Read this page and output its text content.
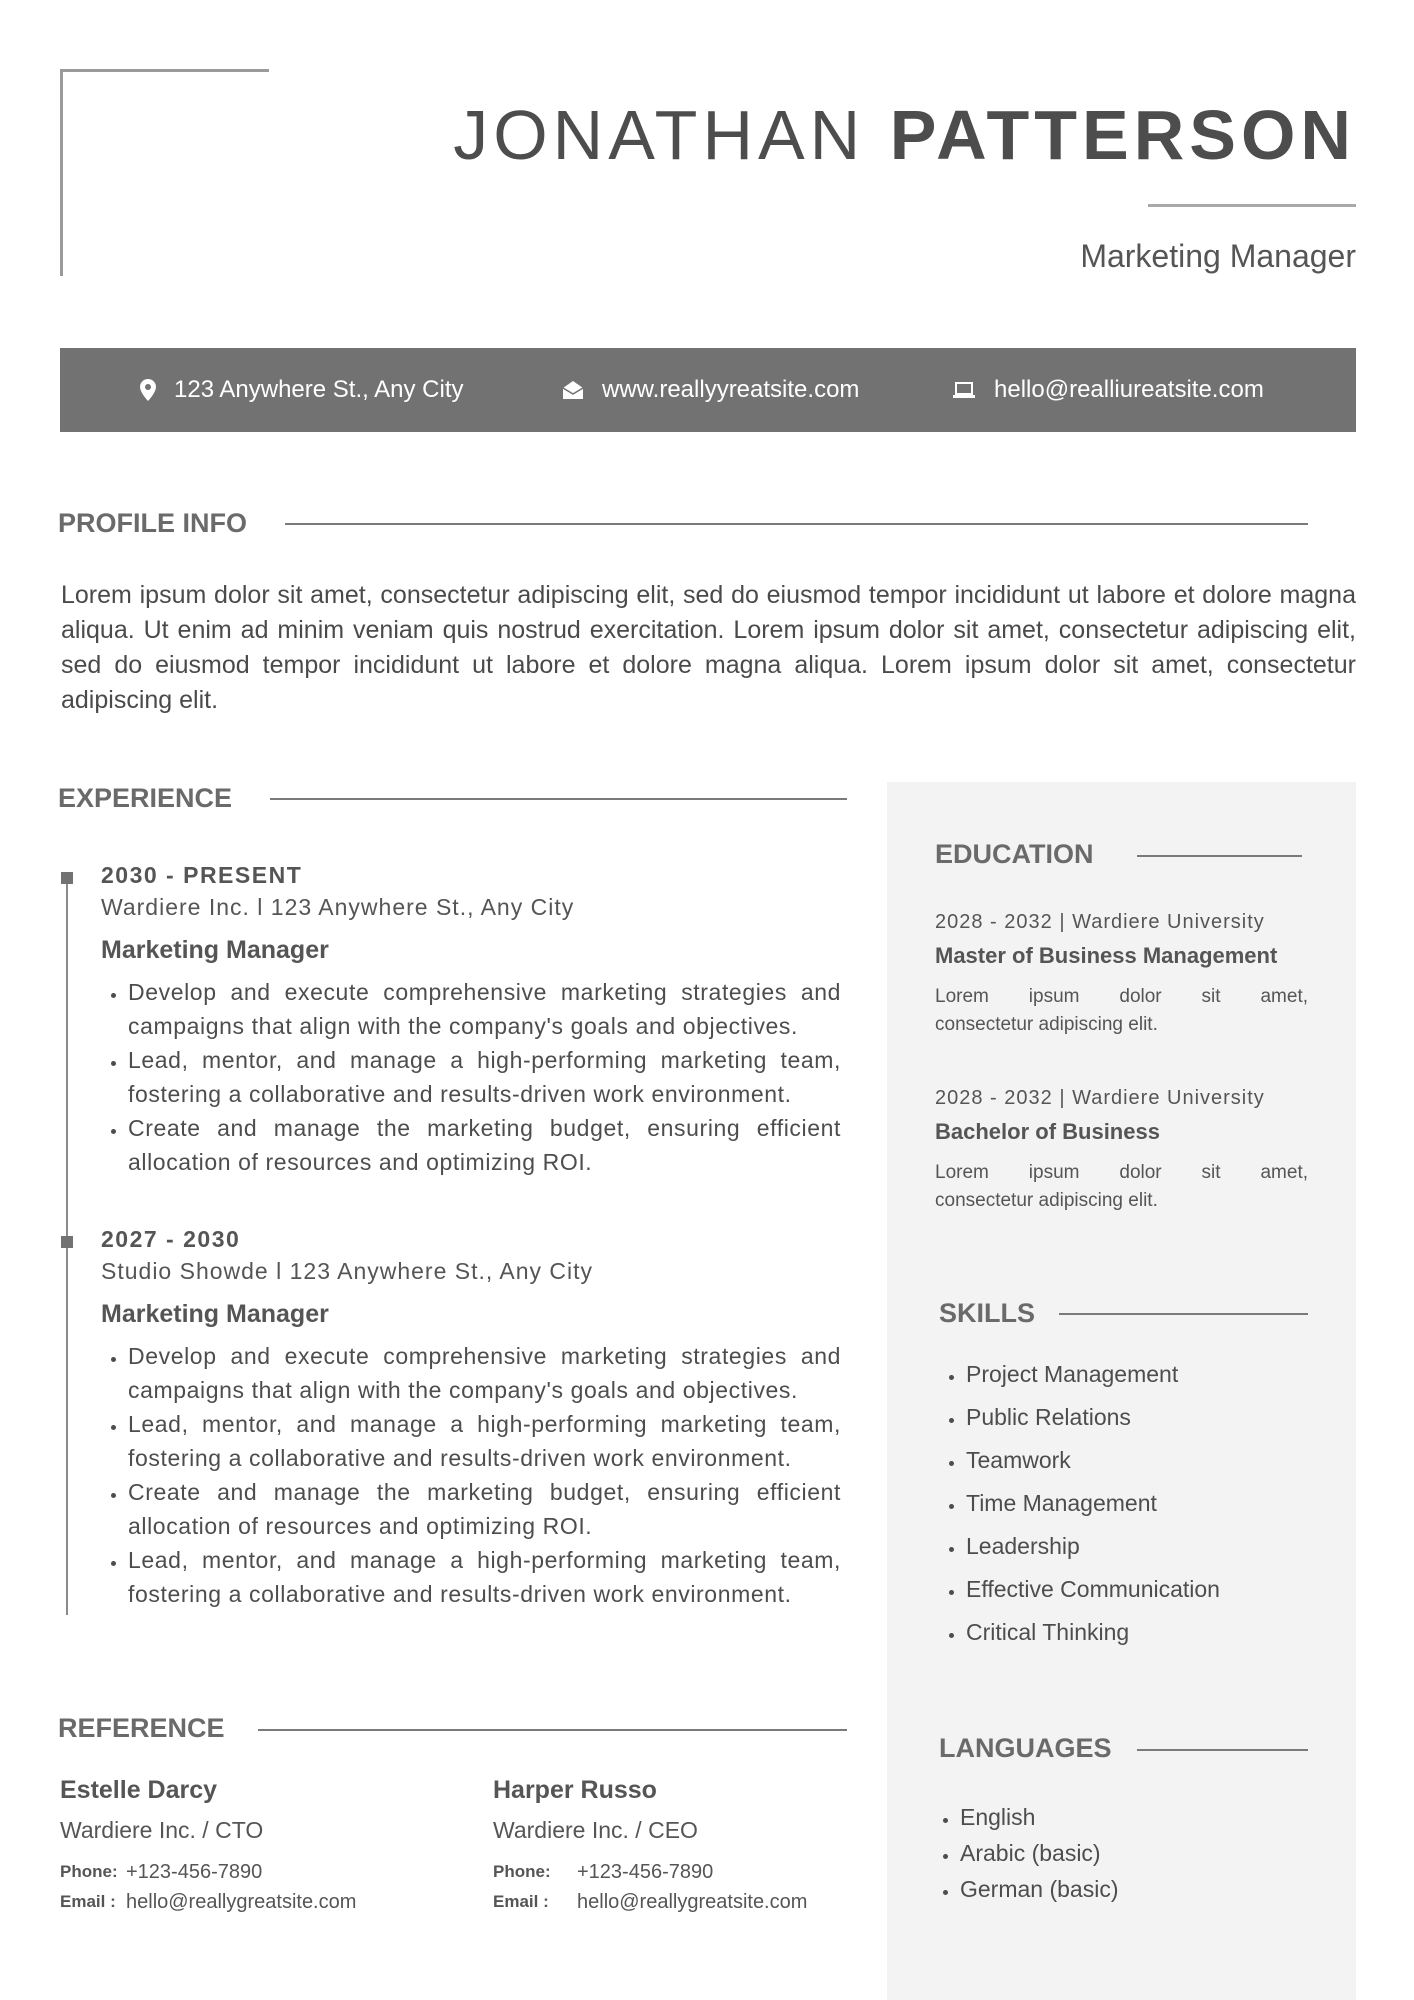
JONATHAN PATTERSON
Marketing Manager
123 Anywhere St., Any City	www.reallyyreatsite.com	hello@realliureatsite.com
PROFILE INFO
Lorem ipsum dolor sit amet, consectetur adipiscing elit, sed do eiusmod tempor incididunt ut labore et dolore magna aliqua. Ut enim ad minim veniam quis nostrud exercitation. Lorem ipsum dolor sit amet, consectetur adipiscing elit, sed do eiusmod tempor incididunt ut labore et dolore magna aliqua. Lorem ipsum dolor sit amet, consectetur adipiscing elit.
EXPERIENCE
2030 - PRESENT
Wardiere Inc. l 123 Anywhere St., Any City
Marketing Manager
• Develop and execute comprehensive marketing strategies and campaigns that align with the company's goals and objectives.
• Lead, mentor, and manage a high-performing marketing team, fostering a collaborative and results-driven work environment.
• Create and manage the marketing budget, ensuring efficient allocation of resources and optimizing ROI.
2027 - 2030
Studio Showde l 123 Anywhere St., Any City
Marketing Manager
• Develop and execute comprehensive marketing strategies and campaigns that align with the company's goals and objectives.
• Lead, mentor, and manage a high-performing marketing team, fostering a collaborative and results-driven work environment.
• Create and manage the marketing budget, ensuring efficient allocation of resources and optimizing ROI.
• Lead, mentor, and manage a high-performing marketing team, fostering a collaborative and results-driven work environment.
EDUCATION
2028 - 2032 | Wardiere University
Master of Business Management
Lorem ipsum dolor sit amet,
consectetur adipiscing elit.
2028 - 2032 | Wardiere University
Bachelor of Business
Lorem ipsum dolor sit amet,
consectetur adipiscing elit.
SKILLS
• Project Management
• Public Relations
• Teamwork
• Time Management
• Leadership
• Effective Communication
• Critical Thinking
LANGUAGES
• English
• Arabic (basic)
• German (basic)
REFERENCE
Estelle Darcy
Wardiere Inc. / CTO
Phone: +123-456-7890
Email : hello@reallygreatsite.com
Harper Russo
Wardiere Inc. / CEO
Phone:	+123-456-7890
Email :	hello@reallygreatsite.com
